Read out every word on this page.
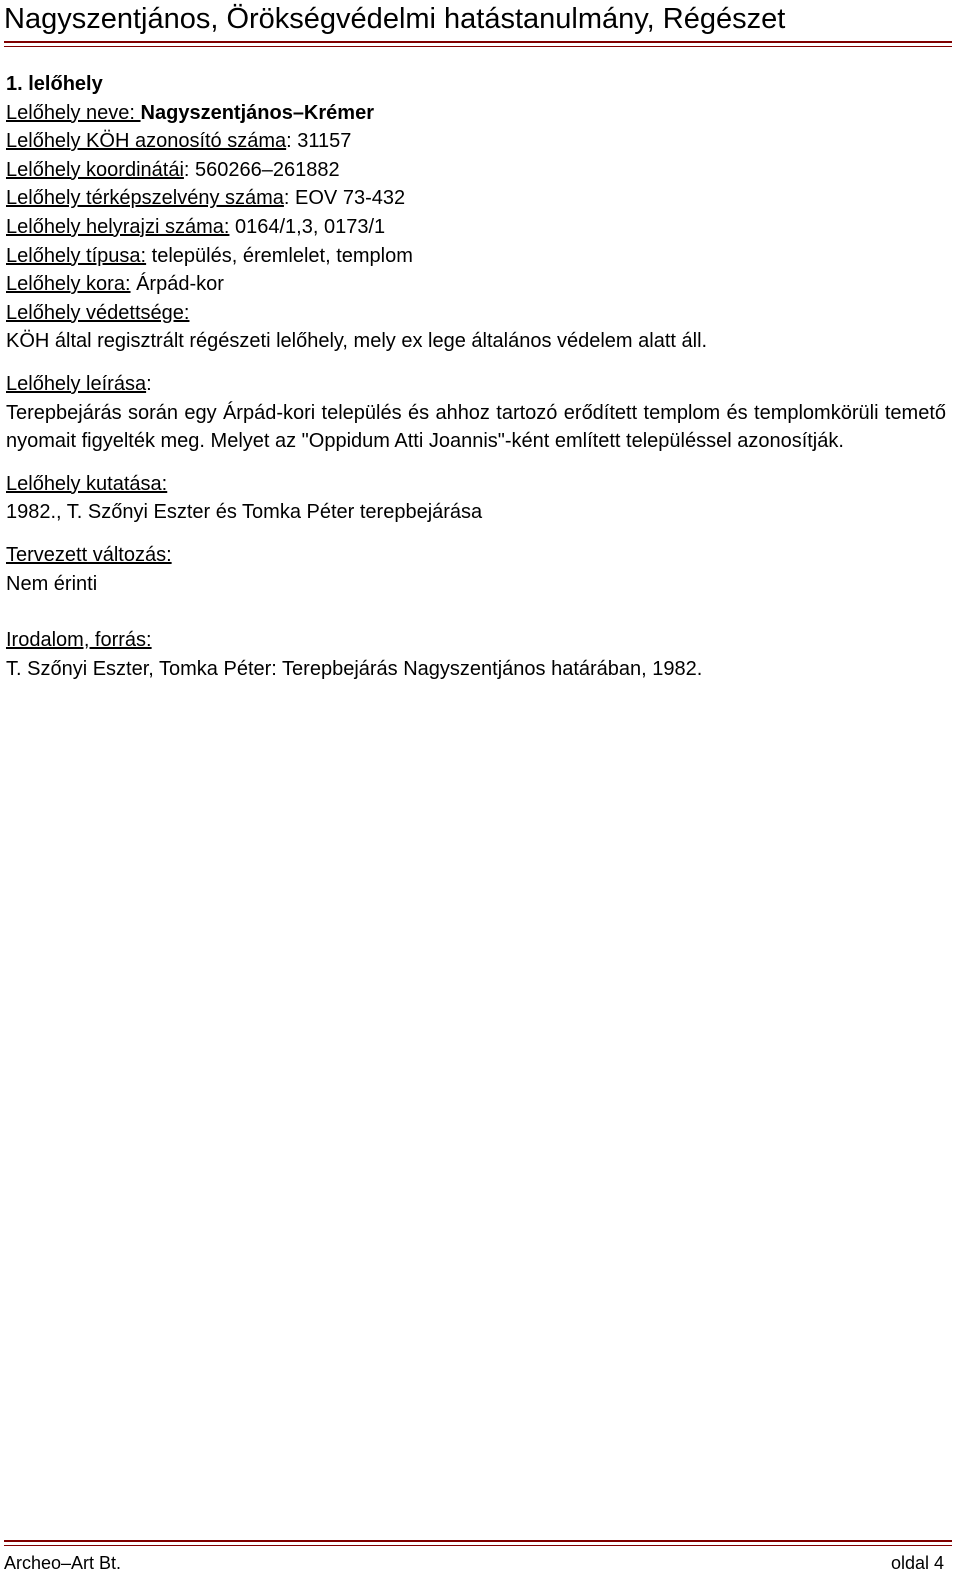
Nagyszentjános, Örökségvédelmi hatástanulmány, Régészet
1. lelőhely
Lelőhely neve: Nagyszentjános–Krémer
Lelőhely KÖH azonosító száma: 31157
Lelőhely koordinátái: 560266–261882
Lelőhely térképszelvény száma: EOV 73-432
Lelőhely helyrajzi száma: 0164/1,3, 0173/1
Lelőhely típusa: település, éremlelet, templom
Lelőhely kora: Árpád-kor
Lelőhely védettsége:
KÖH által regisztrált régészeti lelőhely, mely ex lege általános védelem alatt áll.
Lelőhely leírása:
Terepbejárás során egy Árpád-kori település és ahhoz tartozó erődített templom és templomkörüli temető nyomait figyelték meg. Melyet az "Oppidum Atti Joannis"-ként említett településsel azonosítják.
Lelőhely kutatása:
1982., T. Szőnyi Eszter és Tomka Péter terepbejárása
Tervezett változás:
Nem érinti
Irodalom, forrás:
T. Szőnyi Eszter, Tomka Péter: Terepbejárás Nagyszentjános határában, 1982.
Archeo–Art Bt.	oldal 4
